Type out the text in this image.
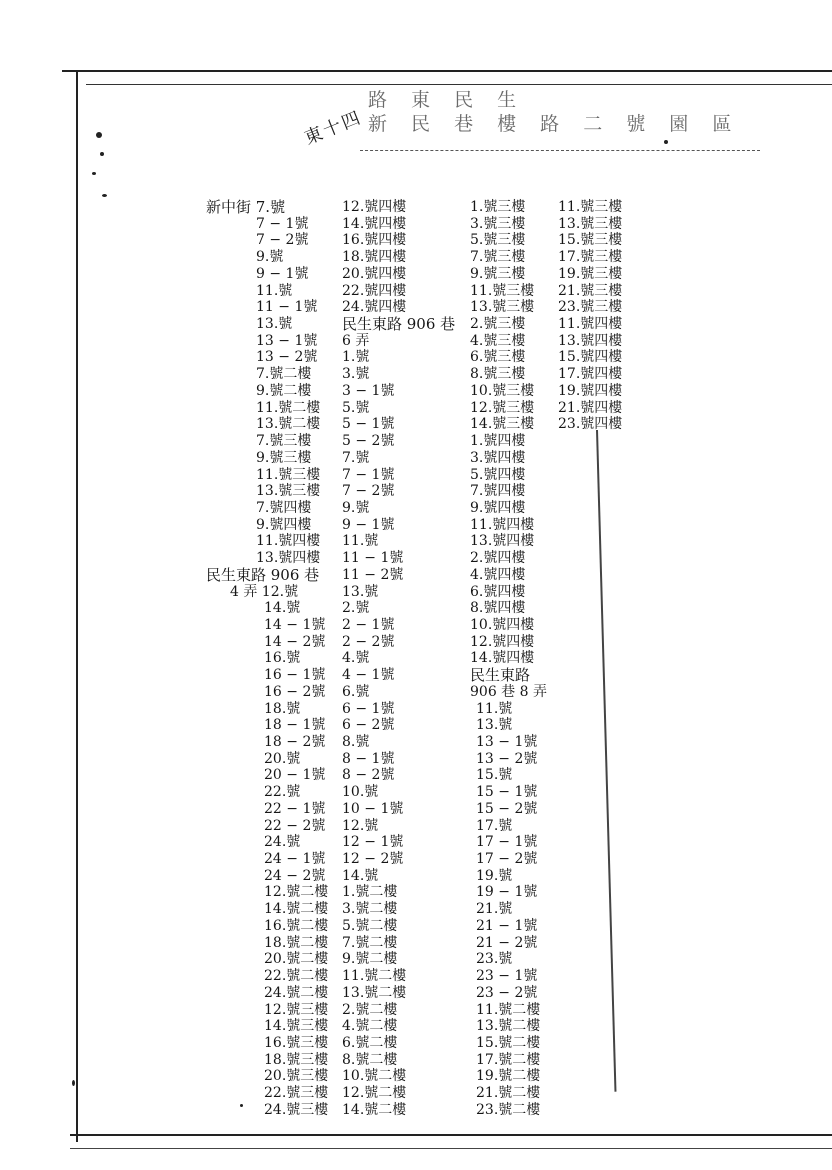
路 東 民 生
新 民 巷 樓 路 二 號 園 區
東十四
新中街 7.號
7 − 1號
7 − 2號
9.號
9 − 1號
11.號
11 − 1號
13.號
13 − 1號
13 − 2號
7.號二樓
9.號二樓
11.號二樓
13.號二樓
7.號三樓
9.號三樓
11.號三樓
13.號三樓
7.號四樓
9.號四樓
11.號四樓
13.號四樓
民生東路 906 巷
4 弄 12.號
14.號
14 − 1號
14 − 2號
16.號
16 − 1號
16 − 2號
18.號
18 − 1號
18 − 2號
20.號
20 − 1號
22.號
22 − 1號
22 − 2號
24.號
24 − 1號
24 − 2號
12.號二樓
14.號二樓
16.號二樓
18.號二樓
20.號二樓
22.號二樓
24.號二樓
12.號三樓
14.號三樓
16.號三樓
18.號三樓
20.號三樓
22.號三樓
24.號三樓
12.號四樓
14.號四樓
16.號四樓
18.號四樓
20.號四樓
22.號四樓
24.號四樓
民生東路 906 巷
6 弄
1.號
3.號
3 − 1號
5.號
5 − 1號
5 − 2號
7.號
7 − 1號
7 − 2號
9.號
9 − 1號
11.號
11 − 1號
11 − 2號
13.號
2.號
2 − 1號
2 − 2號
4.號
4 − 1號
6.號
6 − 1號
6 − 2號
8.號
8 − 1號
8 − 2號
10.號
10 − 1號
12.號
12 − 1號
12 − 2號
14.號
1.號二樓
3.號二樓
5.號二樓
7.號二樓
9.號二樓
11.號二樓
13.號二樓
2.號二樓
4.號二樓
6.號二樓
8.號二樓
10.號二樓
12.號二樓
14.號二樓
1.號三樓
3.號三樓
5.號三樓
7.號三樓
9.號三樓
11.號三樓
13.號三樓
2.號三樓
4.號三樓
6.號三樓
8.號三樓
10.號三樓
12.號三樓
14.號三樓
1.號四樓
3.號四樓
5.號四樓
7.號四樓
9.號四樓
11.號四樓
13.號四樓
2.號四樓
4.號四樓
6.號四樓
8.號四樓
10.號四樓
12.號四樓
14.號四樓
民生東路
906 巷 8 弄
11.號
13.號
13 − 1號
13 − 2號
15.號
15 − 1號
15 − 2號
17.號
17 − 1號
17 − 2號
19.號
19 − 1號
21.號
21 − 1號
21 − 2號
23.號
23 − 1號
23 − 2號
11.號二樓
13.號二樓
15.號二樓
17.號二樓
19.號二樓
21.號二樓
23.號二樓
11.號三樓
13.號三樓
15.號三樓
17.號三樓
19.號三樓
21.號三樓
23.號三樓
11.號四樓
13.號四樓
15.號四樓
17.號四樓
19.號四樓
21.號四樓
23.號四樓
